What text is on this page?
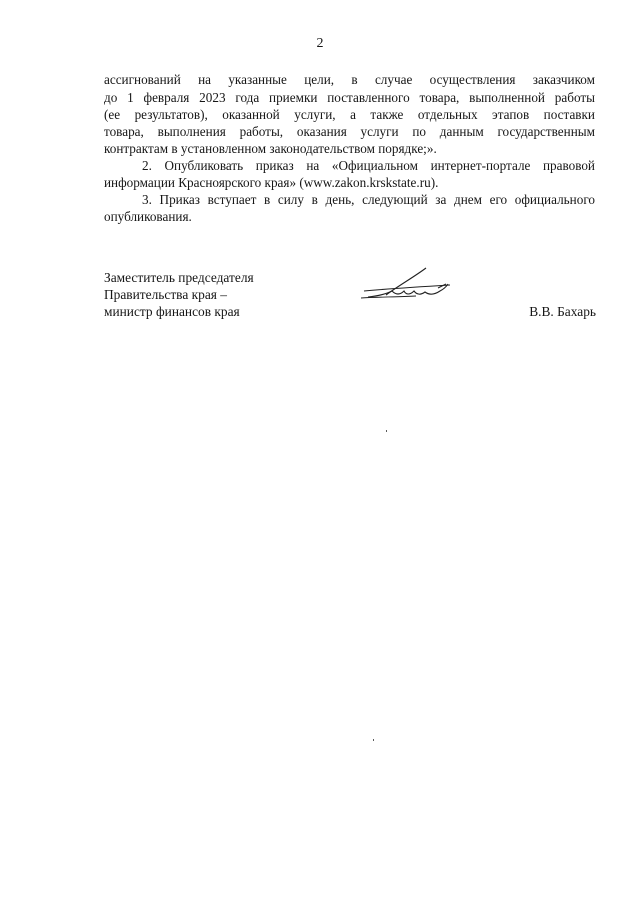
2
ассигнований на указанные цели, в случае осуществления заказчиком
до 1 февраля 2023 года приемки поставленного товара, выполненной работы
(ее результатов), оказанной услуги, а также отдельных этапов поставки
товара, выполнения работы, оказания услуги по данным государственным
контрактам в установленном законодательством порядке;».
2. Опубликовать приказ на «Официальном интернет-портале правовой
информации Красноярского края» (www.zakon.krskstate.ru).
3. Приказ вступает в силу в день, следующий за днем его официального
опубликования.
Заместитель председателя
Правительства края –
министр финансов края	В.В. Бахарь
